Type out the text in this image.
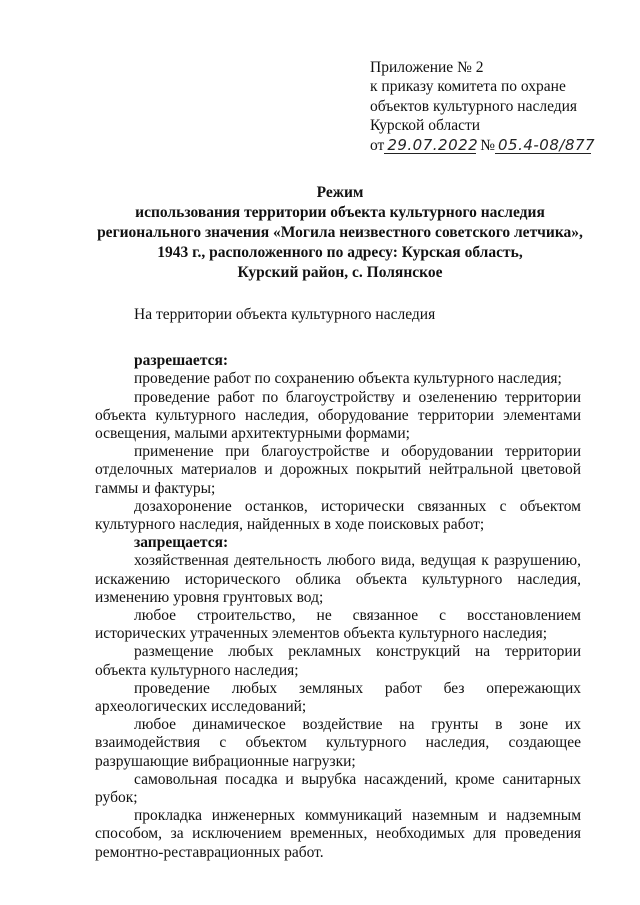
Приложение № 2
к приказу комитета по охране
объектов культурного наследия
Курской области
от 29.07.2022 № 05.4-08/877
Режим
использования территории объекта культурного наследия
регионального значения «Могила неизвестного советского летчика»,
1943 г., расположенного по адресу: Курская область,
Курский район, с. Полянское

На территории объекта культурного наследия

разрешается:

проведение работ по сохранению объекта культурного наследия;

проведение работ по благоустройству и озеленению территории объекта культурного наследия, оборудование территории элементами освещения, малыми архитектурными формами;

применение при благоустройстве и оборудовании территории отделочных материалов и дорожных покрытий нейтральной цветовой гаммы и фактуры;

дозахоронение останков, исторически связанных с объектом культурного наследия, найденных в ходе поисковых работ;

запрещается:

хозяйственная деятельность любого вида, ведущая к разрушению, искажению исторического облика объекта культурного наследия, изменению уровня грунтовых вод;

любое строительство, не связанное с восстановлением исторических утраченных элементов объекта культурного наследия;

размещение любых рекламных конструкций на территории объекта культурного наследия;

проведение любых земляных работ без опережающих археологических исследований;

любое динамическое воздействие на грунты в зоне их взаимодействия с объектом культурного наследия, создающее разрушающие вибрационные нагрузки;

самовольная посадка и вырубка насаждений, кроме санитарных рубок;

прокладка инженерных коммуникаций наземным и надземным способом, за исключением временных, необходимых для проведения ремонтно-реставрационных работ.
